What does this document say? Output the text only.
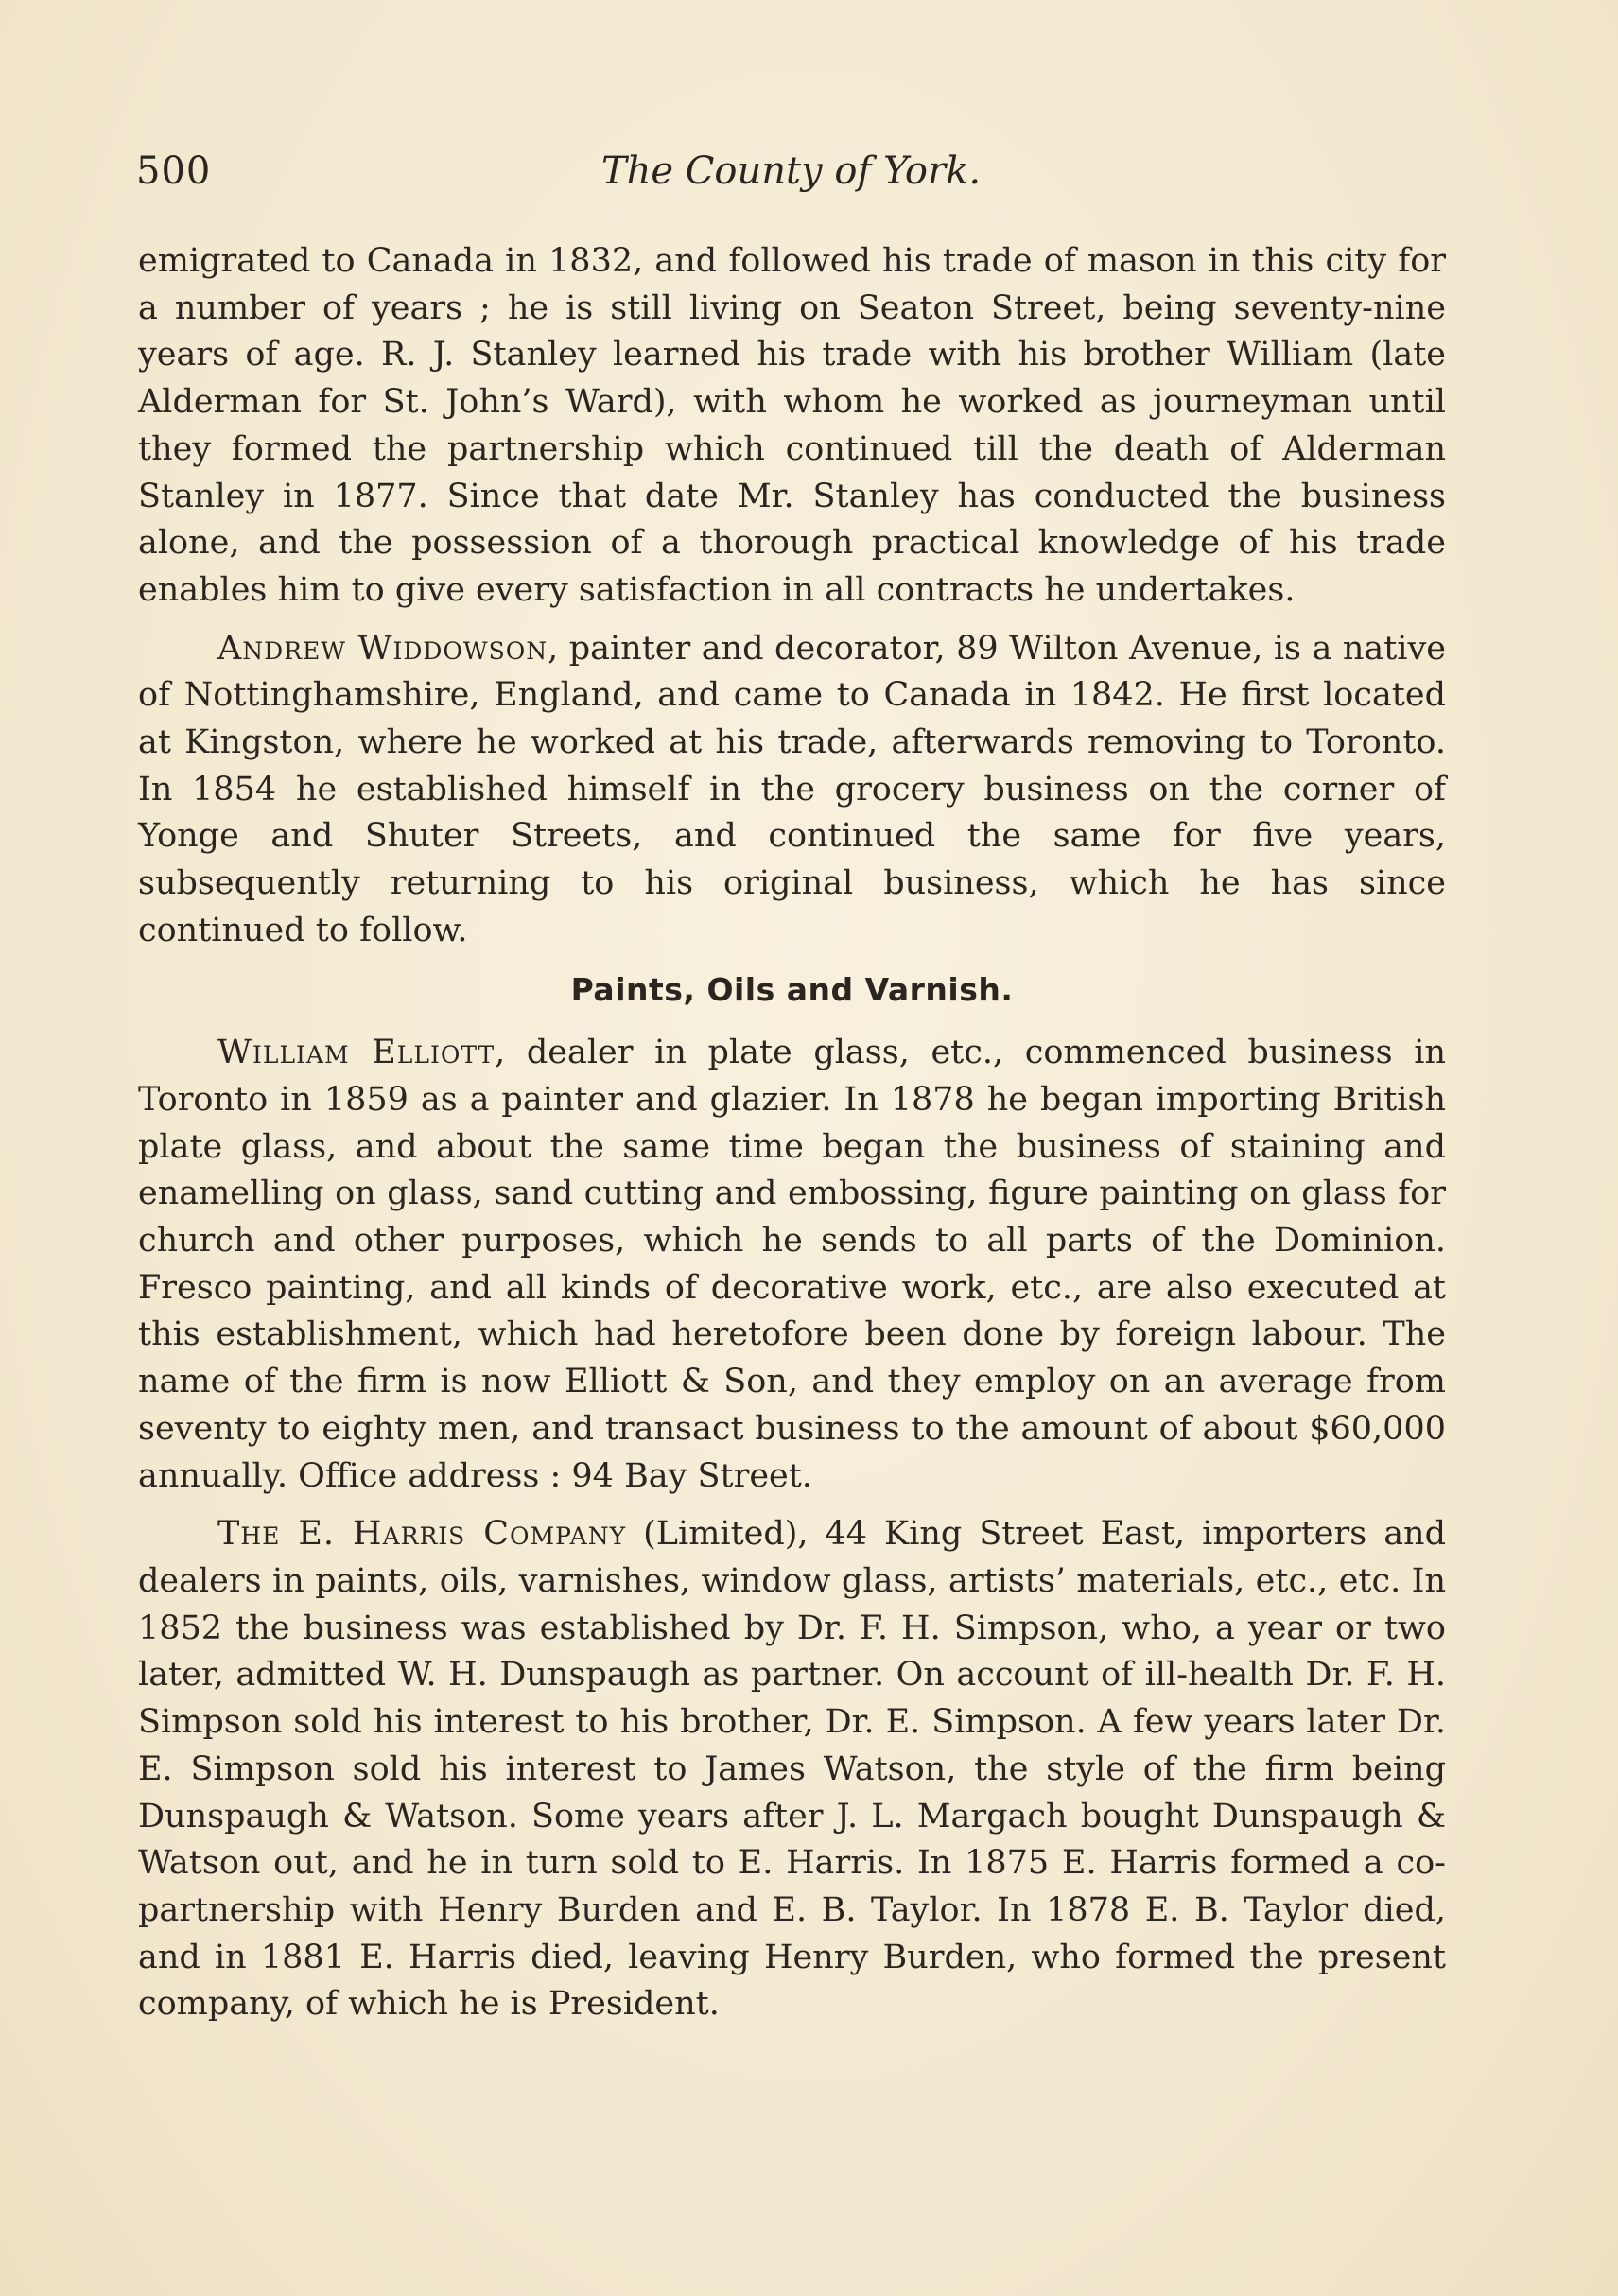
500	The County of York.

emigrated to Canada in 1832, and followed his trade of mason in this city for a number of years ; he is still living on Seaton Street, being seventy-nine years of age. R. J. Stanley learned his trade with his brother William (late Alderman for St. John’s Ward), with whom he worked as journeyman until they formed the partnership which continued till the death of Alderman Stanley in 1877. Since that date Mr. Stanley has conducted the business alone, and the possession of a thorough practical knowledge of his trade enables him to give every satisfaction in all contracts he undertakes.

Andrew Widdowson, painter and decorator, 89 Wilton Avenue, is a native of Nottinghamshire, England, and came to Canada in 1842. He first located at Kingston, where he worked at his trade, afterwards removing to Toronto. In 1854 he established himself in the grocery business on the corner of Yonge and Shuter Streets, and continued the same for five years, subsequently returning to his original business, which he has since continued to follow.

Paints, Oils and Varnish.

William Elliott, dealer in plate glass, etc., commenced business in Toronto in 1859 as a painter and glazier. In 1878 he began importing British plate glass, and about the same time began the business of staining and enamelling on glass, sand cutting and embossing, figure painting on glass for church and other purposes, which he sends to all parts of the Dominion. Fresco painting, and all kinds of decorative work, etc., are also executed at this establishment, which had heretofore been done by foreign labour. The name of the firm is now Elliott & Son, and they employ on an average from seventy to eighty men, and transact business to the amount of about $60,000 annually. Office address : 94 Bay Street.

The E. Harris Company (Limited), 44 King Street East, importers and dealers in paints, oils, varnishes, window glass, artists’ materials, etc., etc. In 1852 the business was established by Dr. F. H. Simpson, who, a year or two later, admitted W. H. Dunspaugh as partner. On account of ill-health Dr. F. H. Simpson sold his interest to his brother, Dr. E. Simpson. A few years later Dr. E. Simpson sold his interest to James Watson, the style of the firm being Dunspaugh & Watson. Some years after J. L. Margach bought Dunspaugh & Watson out, and he in turn sold to E. Harris. In 1875 E. Harris formed a co-partnership with Henry Burden and E. B. Taylor. In 1878 E. B. Taylor died, and in 1881 E. Harris died, leaving Henry Burden, who formed the present company, of which he is President.
